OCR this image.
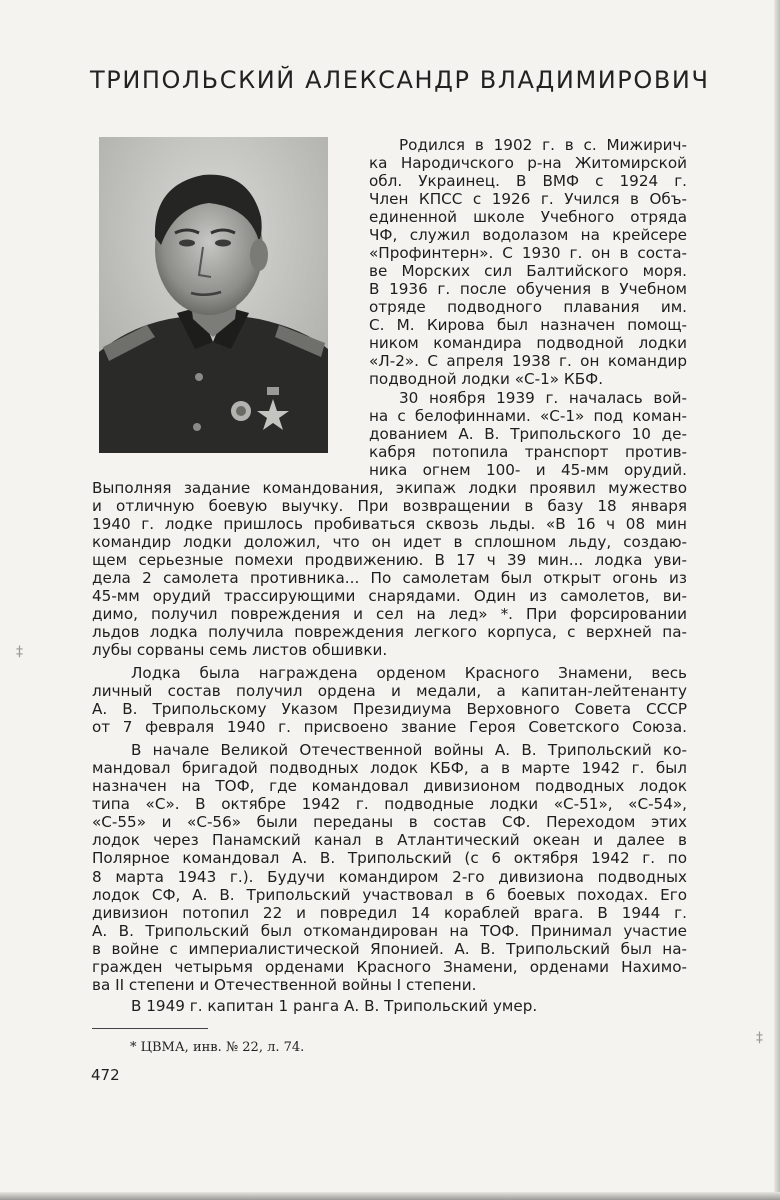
ТРИПОЛЬСКИЙ АЛЕКСАНДР ВЛАДИМИРОВИЧ
Родился в 1902 г. в с. Мижирич-
ка Народичского р-на Житомирской
обл. Украинец. В ВМФ с 1924 г.
Член КПСС с 1926 г. Учился в Объ-
единенной школе Учебного отряда
ЧФ, служил водолазом на крейсере
«Профинтерн». С 1930 г. он в соста-
ве Морских сил Балтийского моря.
В 1936 г. после обучения в Учебном
отряде подводного плавания им.
С. М. Кирова был назначен помощ-
ником командира подводной лодки
«Л-2». С апреля 1938 г. он командир
подводной лодки «С-1» КБФ.
30 ноября 1939 г. началась вой-
на с белофиннами. «С-1» под коман-
дованием А. В. Трипольского 10 де-
кабря потопила транспорт против-
ника огнем 100- и 45-мм орудий.
Выполняя задание командования, экипаж лодки проявил мужество
и отличную боевую выучку. При возвращении в базу 18 января
1940 г. лодке пришлось пробиваться сквозь льды. «В 16 ч 08 мин
командир лодки доложил, что он идет в сплошном льду, создаю-
щем серьезные помехи продвижению. В 17 ч 39 мин... лодка уви-
дела 2 самолета противника... По самолетам был открыт огонь из
45-мм орудий трассирующими снарядами. Один из самолетов, ви-
димо, получил повреждения и сел на лед» *. При форсировании
льдов лодка получила повреждения легкого корпуса, с верхней па-
лубы сорваны семь листов обшивки.
Лодка была награждена орденом Красного Знамени, весь
личный состав получил ордена и медали, а капитан-лейтенанту
А. В. Трипольскому Указом Президиума Верховного Совета СССР
от 7 февраля 1940 г. присвоено звание Героя Советского Союза.
В начале Великой Отечественной войны А. В. Трипольский ко-
мандовал бригадой подводных лодок КБФ, а в марте 1942 г. был
назначен на ТОФ, где командовал дивизионом подводных лодок
типа «С». В октябре 1942 г. подводные лодки «С-51», «С-54»,
«С-55» и «С-56» были переданы в состав СФ. Переходом этих
лодок через Панамский канал в Атлантический океан и далее в
Полярное командовал А. В. Трипольский (с 6 октября 1942 г. по
8 марта 1943 г.). Будучи командиром 2-го дивизиона подводных
лодок СФ, А. В. Трипольский участвовал в 6 боевых походах. Его
дивизион потопил 22 и повредил 14 кораблей врага. В 1944 г.
А. В. Трипольский был откомандирован на ТОФ. Принимал участие
в войне с империалистической Японией. А. В. Трипольский был на-
гражден четырьмя орденами Красного Знамени, орденами Нахимо-
ва II степени и Отечественной войны I степени.
В 1949 г. капитан 1 ранга А. В. Трипольский умер.
* ЦВМА, инв. № 22, л. 74.
472
‡
‡
